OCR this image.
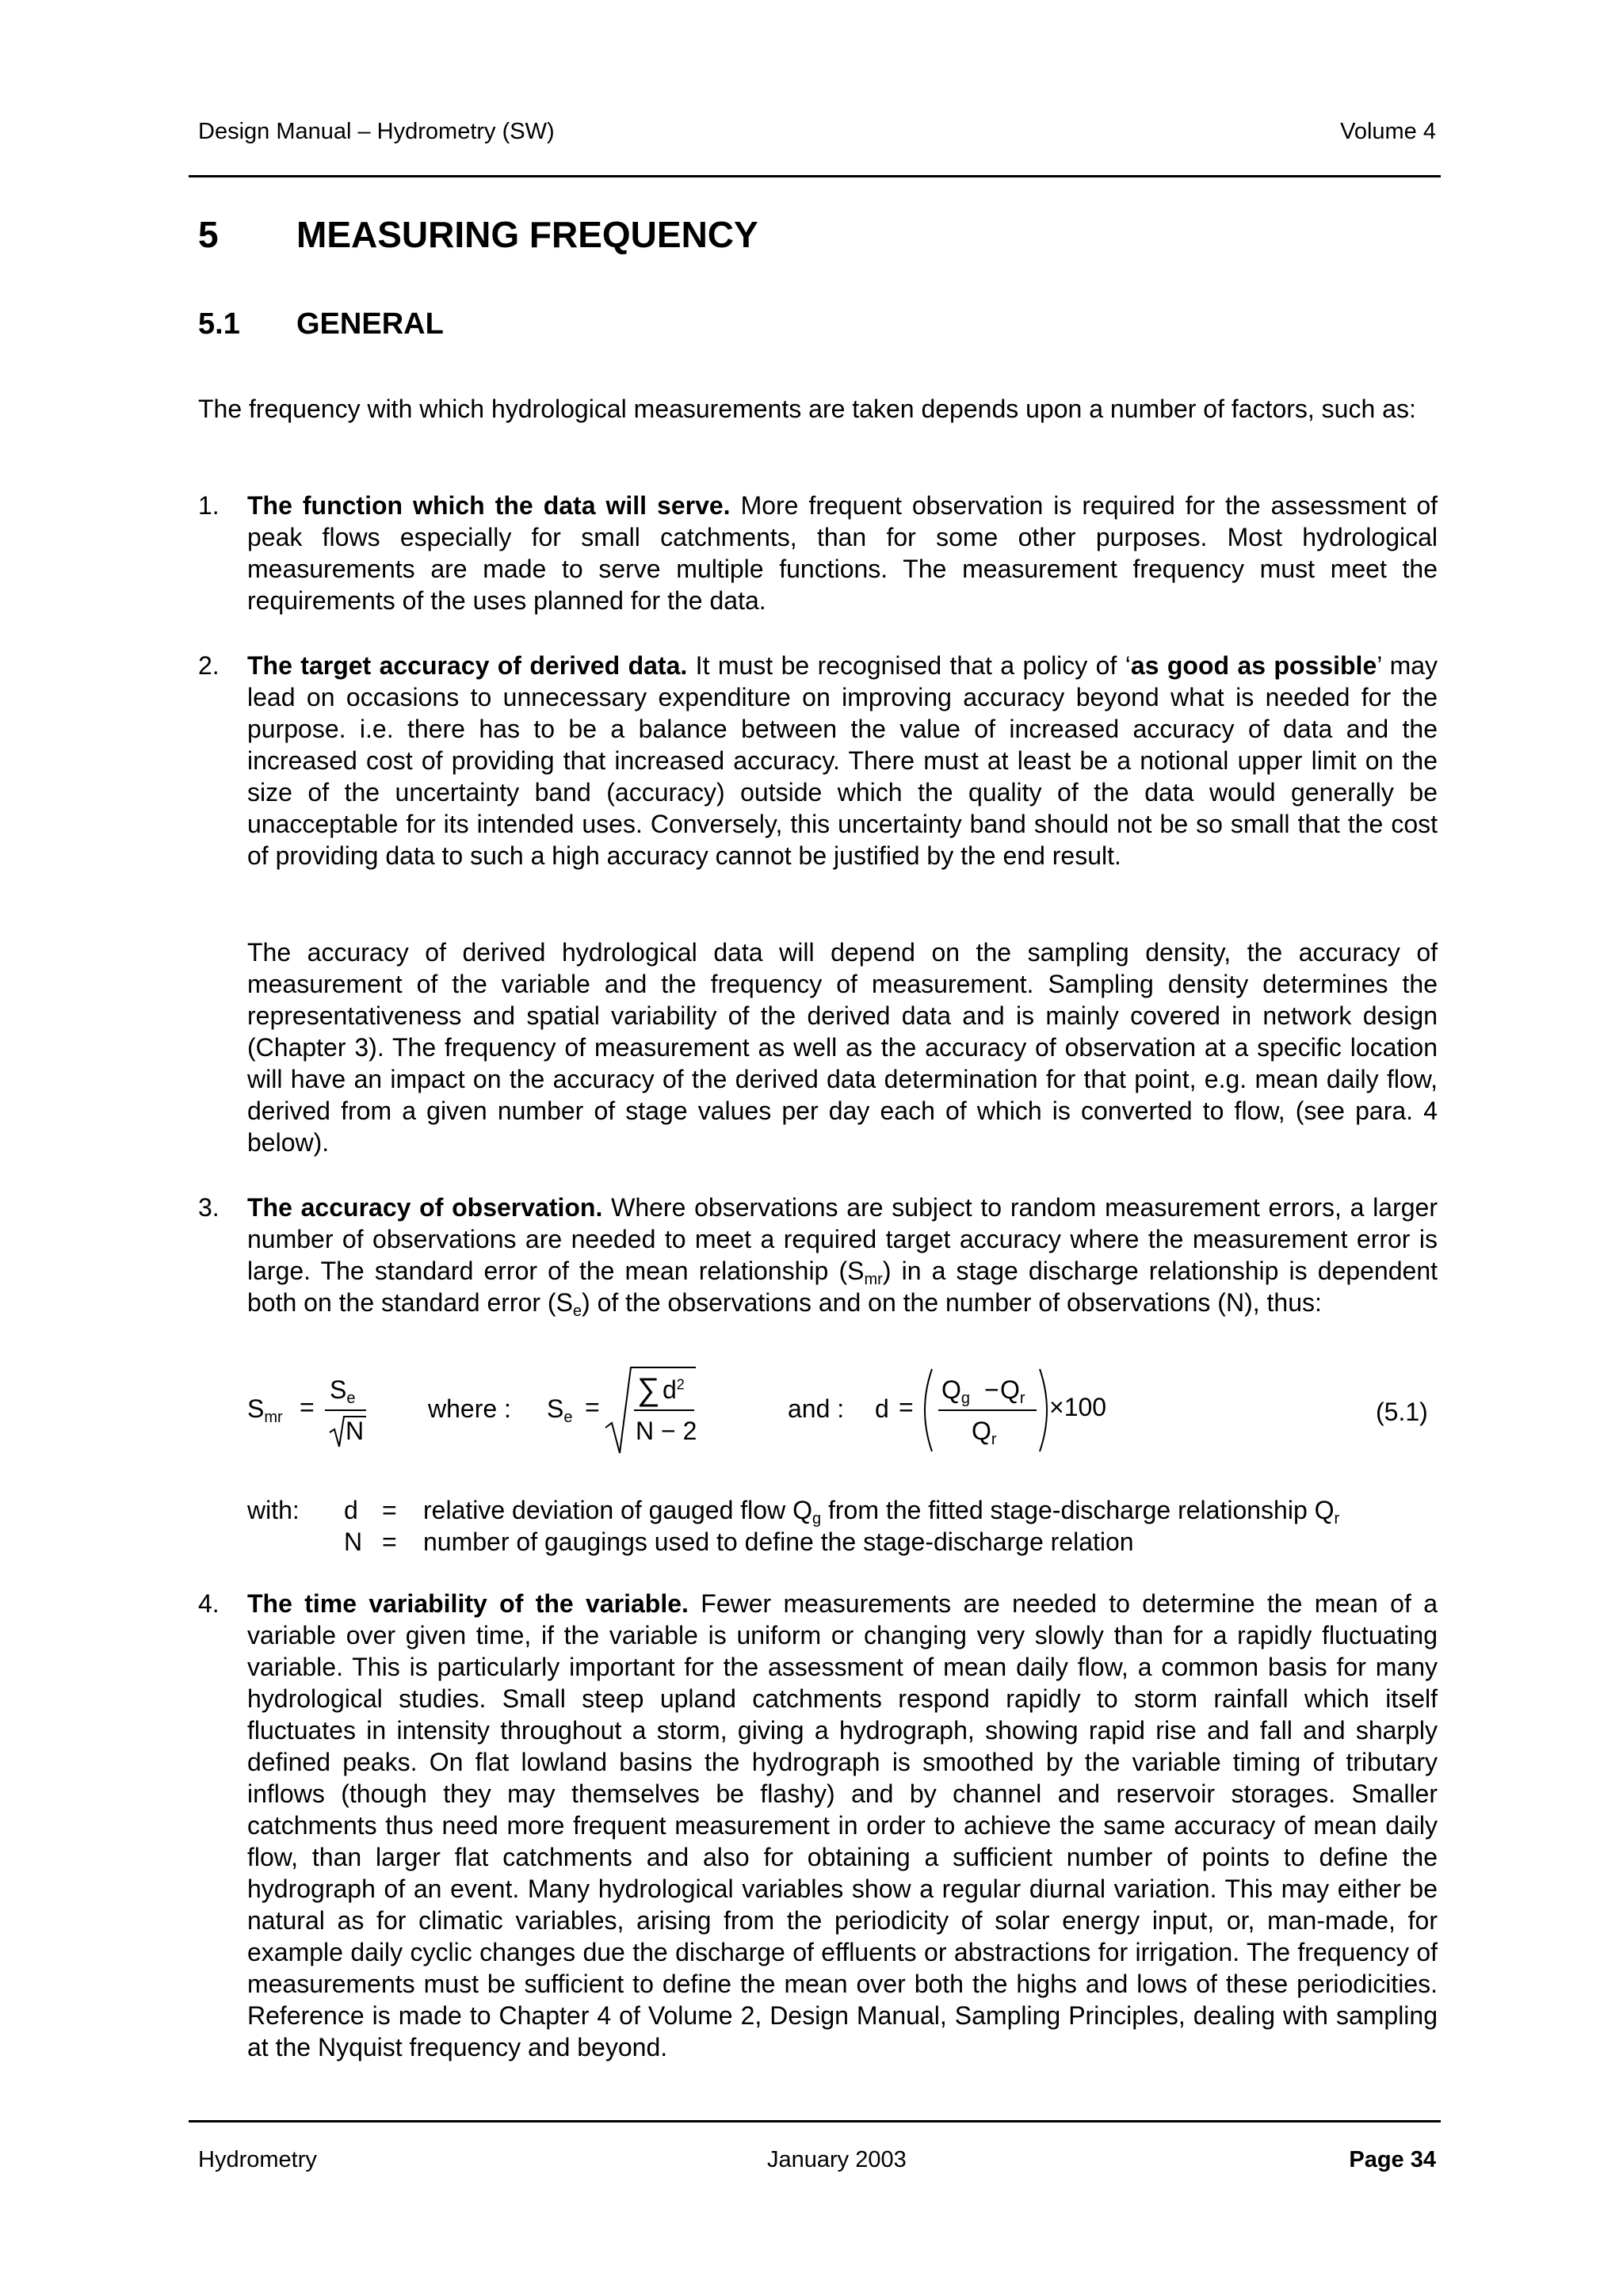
Design Manual – Hydrometry (SW)	Volume 4
5 MEASURING FREQUENCY
5.1 GENERAL
The frequency with which hydrological measurements are taken depends upon a number of factors, such as:
1. The function which the data will serve. More frequent observation is required for the assessment of peak flows especially for small catchments, than for some other purposes. Most hydrological measurements are made to serve multiple functions. The measurement frequency must meet the requirements of the uses planned for the data.
2. The target accuracy of derived data. It must be recognised that a policy of ‘as good as possible’ may lead on occasions to unnecessary expenditure on improving accuracy beyond what is needed for the purpose. i.e. there has to be a balance between the value of increased accuracy of data and the increased cost of providing that increased accuracy. There must at least be a notional upper limit on the size of the uncertainty band (accuracy) outside which the quality of the data would generally be unacceptable for its intended uses. Conversely, this uncertainty band should not be so small that the cost of providing data to such a high accuracy cannot be justified by the end result.
The accuracy of derived hydrological data will depend on the sampling density, the accuracy of measurement of the variable and the frequency of measurement. Sampling density determines the representativeness and spatial variability of the derived data and is mainly covered in network design (Chapter 3). The frequency of measurement as well as the accuracy of observation at a specific location will have an impact on the accuracy of the derived data determination for that point, e.g. mean daily flow, derived from a given number of stage values per day each of which is converted to flow, (see para. 4 below).
3. The accuracy of observation. Where observations are subject to random measurement errors, a larger number of observations are needed to meet a required target accuracy where the measurement error is large. The standard error of the mean relationship $(S_{mr})$ in a stage discharge relationship is dependent both on the standard error $(S_e)$ of the observations and on the number of observations (N), thus:
$S_{mr}$ =
$S_e$
N
where : $S_e$ = ∑ $d^2$
N − 2
and : d =
$Q_g - Q_r$
$Q_r$
×100	(5.1)
with: d = relative deviation of gauged flow $Q_g$ from the fitted stage-discharge relationship $Q_r$
N = number of gaugings used to define the stage-discharge relation
4. The time variability of the variable. Fewer measurements are needed to determine the mean of a variable over given time, if the variable is uniform or changing very slowly than for a rapidly fluctuating variable. This is particularly important for the assessment of mean daily flow, a common basis for many hydrological studies. Small steep upland catchments respond rapidly to storm rainfall which itself fluctuates in intensity throughout a storm, giving a hydrograph, showing rapid rise and fall and sharply defined peaks. On flat lowland basins the hydrograph is smoothed by the variable timing of tributary inflows (though they may themselves be flashy) and by channel and reservoir storages. Smaller catchments thus need more frequent measurement in order to achieve the same accuracy of mean daily flow, than larger flat catchments and also for obtaining a sufficient number of points to define the hydrograph of an event. Many hydrological variables show a regular diurnal variation. This may either be natural as for climatic variables, arising from the periodicity of solar energy input, or, man-made, for example daily cyclic changes due the discharge of effluents or abstractions for irrigation. The frequency of measurements must be sufficient to define the mean over both the highs and lows of these periodicities. Reference is made to Chapter 4 of Volume 2, Design Manual, Sampling Principles, dealing with sampling at the Nyquist frequency and beyond.
Hydrometry	January 2003	Page 34
